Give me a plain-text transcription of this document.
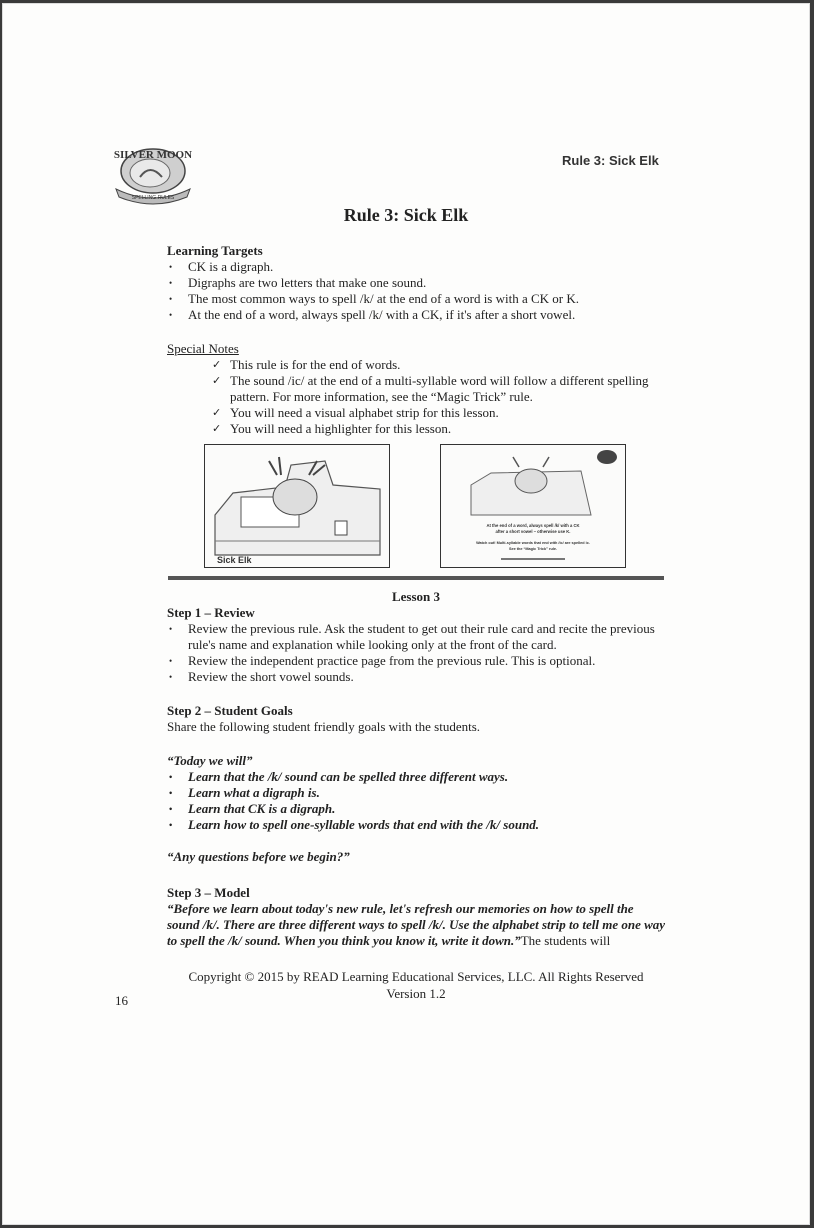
SILVER MOON
SPELLING RULES
Rule 3: Sick Elk
Rule 3: Sick Elk
Learning Targets
• CK is a digraph.
• Digraphs are two letters that make one sound.
• The most common ways to spell /k/ at the end of a word is with a CK or K.
• At the end of a word, always spell /k/ with a CK, if it's after a short vowel.
Special Notes
✓ This rule is for the end of words.
✓ The sound /ic/ at the end of a multi-syllable word will follow a different spelling pattern. For more information, see the “Magic Trick” rule.
✓ You will need a visual alphabet strip for this lesson.
✓ You will need a highlighter for this lesson.
Sick Elk
At the end of a word, always spell /k/ with a CK
after a short vowel – otherwise use K.
Watch out! Multi-syllable words that end with /ic/ are spelled ic.
See the “Magic Trick” rule.
Lesson 3
Step 1 – Review
• Review the previous rule. Ask the student to get out their rule card and recite the previous rule's name and explanation while looking only at the front of the card.
• Review the independent practice page from the previous rule. This is optional.
• Review the short vowel sounds.
Step 2 – Student Goals
Share the following student friendly goals with the students.
“Today we will”
• Learn that the /k/ sound can be spelled three different ways.
• Learn what a digraph is.
• Learn that CK is a digraph.
• Learn how to spell one-syllable words that end with the /k/ sound.
“Any questions before we begin?”
Step 3 – Model
“Before we learn about today's new rule, let's refresh our memories on how to spell the sound /k/. There are three different ways to spell /k/. Use the alphabet strip to tell me one way to spell the /k/ sound. When you think you know it, write it down.”The students will
Copyright © 2015 by READ Learning Educational Services, LLC. All Rights Reserved
Version 1.2
16
